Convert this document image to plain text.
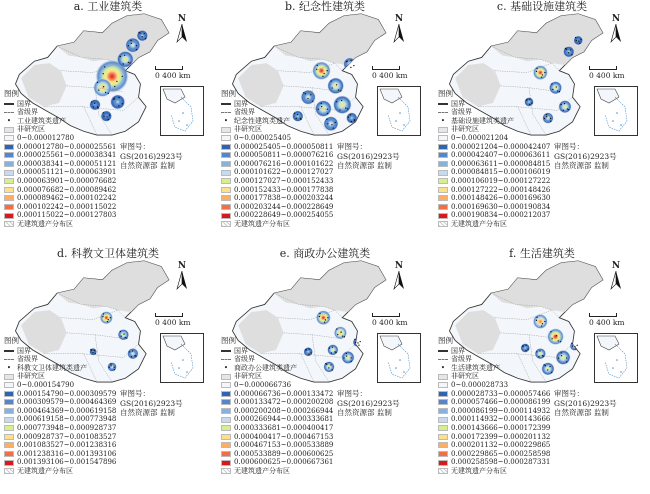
a. 工业建筑类
N
0 400 km
图例
国界
省级界
• 工业建筑类遗产
非研究区
0~0.000012780
0.000012780~0.000025561
0.000025561~0.000038341
0.000038341~0.000051121
0.000051121~0.000063901
0.000063901~0.000076682
0.000076682~0.000089462
0.000089462~0.000102242
0.000102242~0.000115022
0.000115022~0.000127803
无建筑遗产分布区
审图号：
GS(2016)2923号
自然资源部 监制
b. 纪念性建筑类
N
0 400 km
图例
国界
省级界
• 纪念性建筑类遗产
非研究区
0~0.000025405
0.000025405~0.000050811
0.000050811~0.000076216
0.000076216~0.000101622
0.000101622~0.000127027
0.000127027~0.000152433
0.000152433~0.000177838
0.000177838~0.000203244
0.000203244~0.000228649
0.000228649~0.000254055
无建筑遗产分布区
审图号：
GS(2016)2923号
自然资源部 监制
c. 基础设施建筑类
N
0 400 km
图例
国界
省级界
• 基础设施建筑类遗产
非研究区
0~0.000021204
0.000021204~0.000042407
0.000042407~0.000063611
0.000063611~0.000084815
0.000084815~0.000106019
0.000106019~0.000127222
0.000127222~0.000148426
0.000148426~0.000169630
0.000169630~0.000190834
0.000190834~0.000212037
无建筑遗产分布区
审图号：
GS(2016)2923号
自然资源部 监制
d. 科教文卫体建筑类
N
0 400 km
图例
国界
省级界
• 科教文卫体建筑类遗产
非研究区
0~0.000154790
0.000154790~0.000309579
0.000309579~0.000464369
0.000464369~0.000619158
0.000619158~0.000773948
0.000773948~0.000928737
0.000928737~0.001083527
0.001083527~0.001238316
0.001238316~0.001393106
0.001393106~0.001547896
无建筑遗产分布区
审图号：
GS(2016)2923号
自然资源部 监制
e. 商政办公建筑类
N
0 400 km
图例
国界
省级界
• 商政办公建筑类遗产
非研究区
0~0.000066736
0.000066736~0.000133472
0.000133472~0.000200208
0.000200208~0.000266944
0.000266944~0.000333681
0.000333681~0.000400417
0.000400417~0.000467153
0.000467153~0.000533889
0.000533889~0.000600625
0.000600625~0.000667361
无建筑遗产分布区
审图号：
GS(2016)2923号
自然资源部 监制
f. 生活建筑类
N
0 400 km
图例
国界
省级界
• 生活建筑类遗产
非研究区
0~0.000028733
0.000028733~0.000057466
0.000057466~0.000086199
0.000086199~0.000114932
0.000114932~0.000143666
0.000143666~0.000172399
0.000172399~0.000201132
0.000201132~0.000229865
0.000229865~0.000258598
0.000258598~0.000287331
无建筑遗产分布区
审图号：
GS(2016)2923号
自然资源部 监制
